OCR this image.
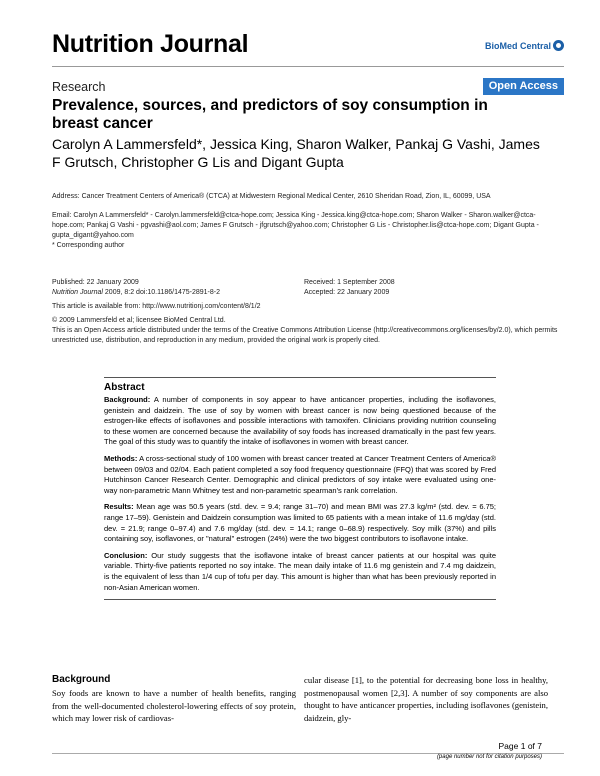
Nutrition Journal	BioMed Central
Research	Open Access
Prevalence, sources, and predictors of soy consumption in breast cancer
Carolyn A Lammersfeld*, Jessica King, Sharon Walker, Pankaj G Vashi, James F Grutsch, Christopher G Lis and Digant Gupta
Address: Cancer Treatment Centers of America® (CTCA) at Midwestern Regional Medical Center, 2610 Sheridan Road, Zion, IL, 60099, USA
Email: Carolyn A Lammersfeld* - Carolyn.lammersfeld@ctca-hope.com; Jessica King - Jessica.king@ctca-hope.com; Sharon Walker - Sharon.walker@ctca-hope.com; Pankaj G Vashi - pgvashi@aol.com; James F Grutsch - jfgrutsch@yahoo.com; Christopher G Lis - Christopher.lis@ctca-hope.com; Digant Gupta - gupta_digant@yahoo.com
* Corresponding author
Published: 22 January 2009
Nutrition Journal 2009, 8:2 doi:10.1186/1475-2891-8-2
Received: 1 September 2008
Accepted: 22 January 2009
This article is available from: http://www.nutritionj.com/content/8/1/2
© 2009 Lammersfeld et al; licensee BioMed Central Ltd.
This is an Open Access article distributed under the terms of the Creative Commons Attribution License (http://creativecommons.org/licenses/by/2.0), which permits unrestricted use, distribution, and reproduction in any medium, provided the original work is properly cited.
Abstract

Background: A number of components in soy appear to have anticancer properties, including the isoflavones, genistein and daidzein. The use of soy by women with breast cancer is now being questioned because of the estrogen-like effects of isoflavones and possible interactions with tamoxifen. Clinicians providing nutrition counseling to these women are concerned because the availability of soy foods has increased dramatically in the past few years. The goal of this study was to quantify the intake of isoflavones in women with breast cancer.

Methods: A cross-sectional study of 100 women with breast cancer treated at Cancer Treatment Centers of America® between 09/03 and 02/04. Each patient completed a soy food frequency questionnaire (FFQ) that was scored by Fred Hutchinson Cancer Research Center. Demographic and clinical predictors of soy intake were evaluated using one-way non-parametric Mann Whitney test and non-parametric spearman's rank correlation.

Results: Mean age was 50.5 years (std. dev. = 9.4; range 31–70) and mean BMI was 27.3 kg/m² (std. dev. = 6.75; range 17–59). Genistein and Daidzein consumption was limited to 65 patients with a mean intake of 11.6 mg/day (std. dev. = 21.9; range 0–97.4) and 7.6 mg/day (std. dev. = 14.1; range 0–68.9) respectively. Soy milk (37%) and pills containing soy, isoflavones, or "natural" estrogen (24%) were the two biggest contributors to isoflavone intake.

Conclusion: Our study suggests that the isoflavone intake of breast cancer patients at our hospital was quite variable. Thirty-five patients reported no soy intake. The mean daily intake of 11.6 mg genistein and 7.4 mg daidzein, is the equivalent of less than 1/4 cup of tofu per day. This amount is higher than what has been previously reported in non-Asian American women.

Background
Soy foods are known to have a number of health benefits, ranging from the well-documented cholesterol-lowering effects of soy protein, which may lower risk of cardiovas-
cular disease [1], to the potential for decreasing bone loss in healthy, postmenopausal women [2,3]. A number of soy components are also thought to have anticancer properties, including isoflavones (genistein, daidzein, gly-
Page 1 of 7
(page number not for citation purposes)
